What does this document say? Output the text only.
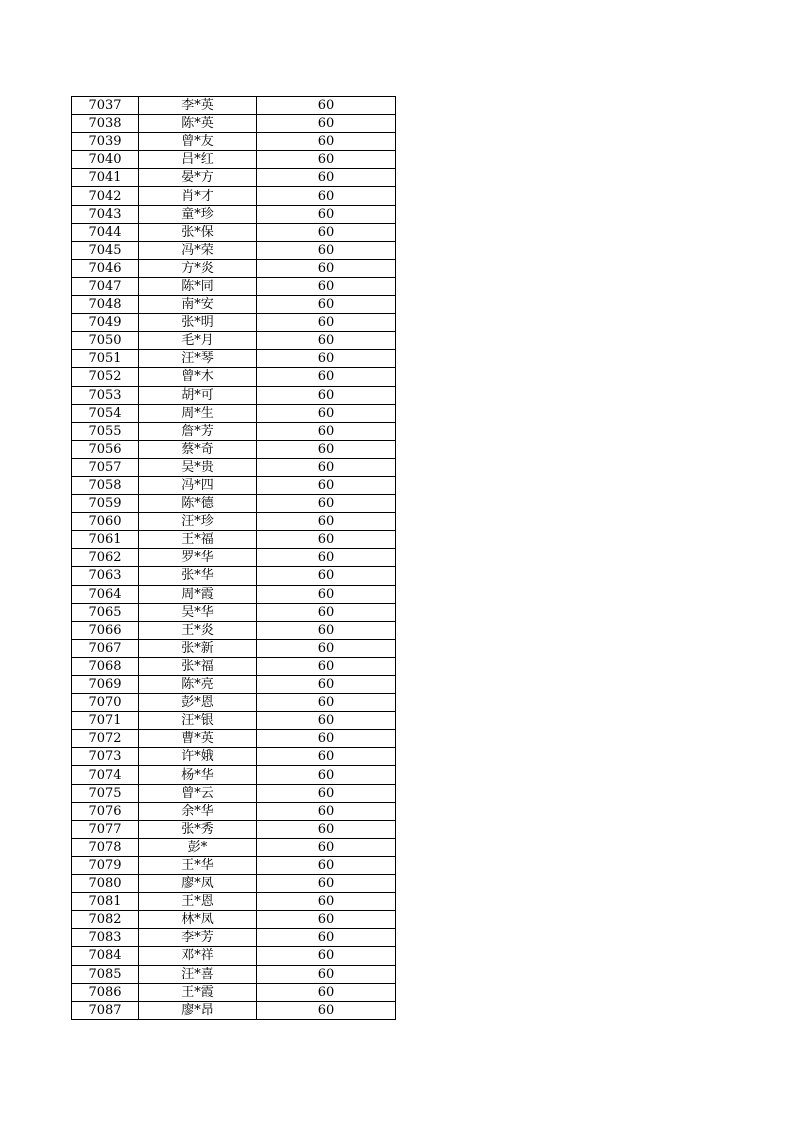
7037	李*英	60
7038	陈*英	60
7039	曾*友	60
7040	吕*红	60
7041	晏*方	60
7042	肖*才	60
7043	童*珍	60
7044	张*保	60
7045	冯*荣	60
7046	方*炎	60
7047	陈*同	60
7048	南*安	60
7049	张*明	60
7050	毛*月	60
7051	汪*琴	60
7052	曾*木	60
7053	胡*可	60
7054	周*生	60
7055	詹*芳	60
7056	蔡*奇	60
7057	吴*贵	60
7058	冯*四	60
7059	陈*德	60
7060	汪*珍	60
7061	王*福	60
7062	罗*华	60
7063	张*华	60
7064	周*霞	60
7065	吴*华	60
7066	王*炎	60
7067	张*新	60
7068	张*福	60
7069	陈*亮	60
7070	彭*恩	60
7071	汪*银	60
7072	曹*英	60
7073	许*娥	60
7074	杨*华	60
7075	曾*云	60
7076	余*华	60
7077	张*秀	60
7078	彭*	60
7079	王*华	60
7080	廖*凤	60
7081	王*恩	60
7082	林*凤	60
7083	李*芳	60
7084	邓*祥	60
7085	汪*喜	60
7086	王*霞	60
7087	廖*昂	60
